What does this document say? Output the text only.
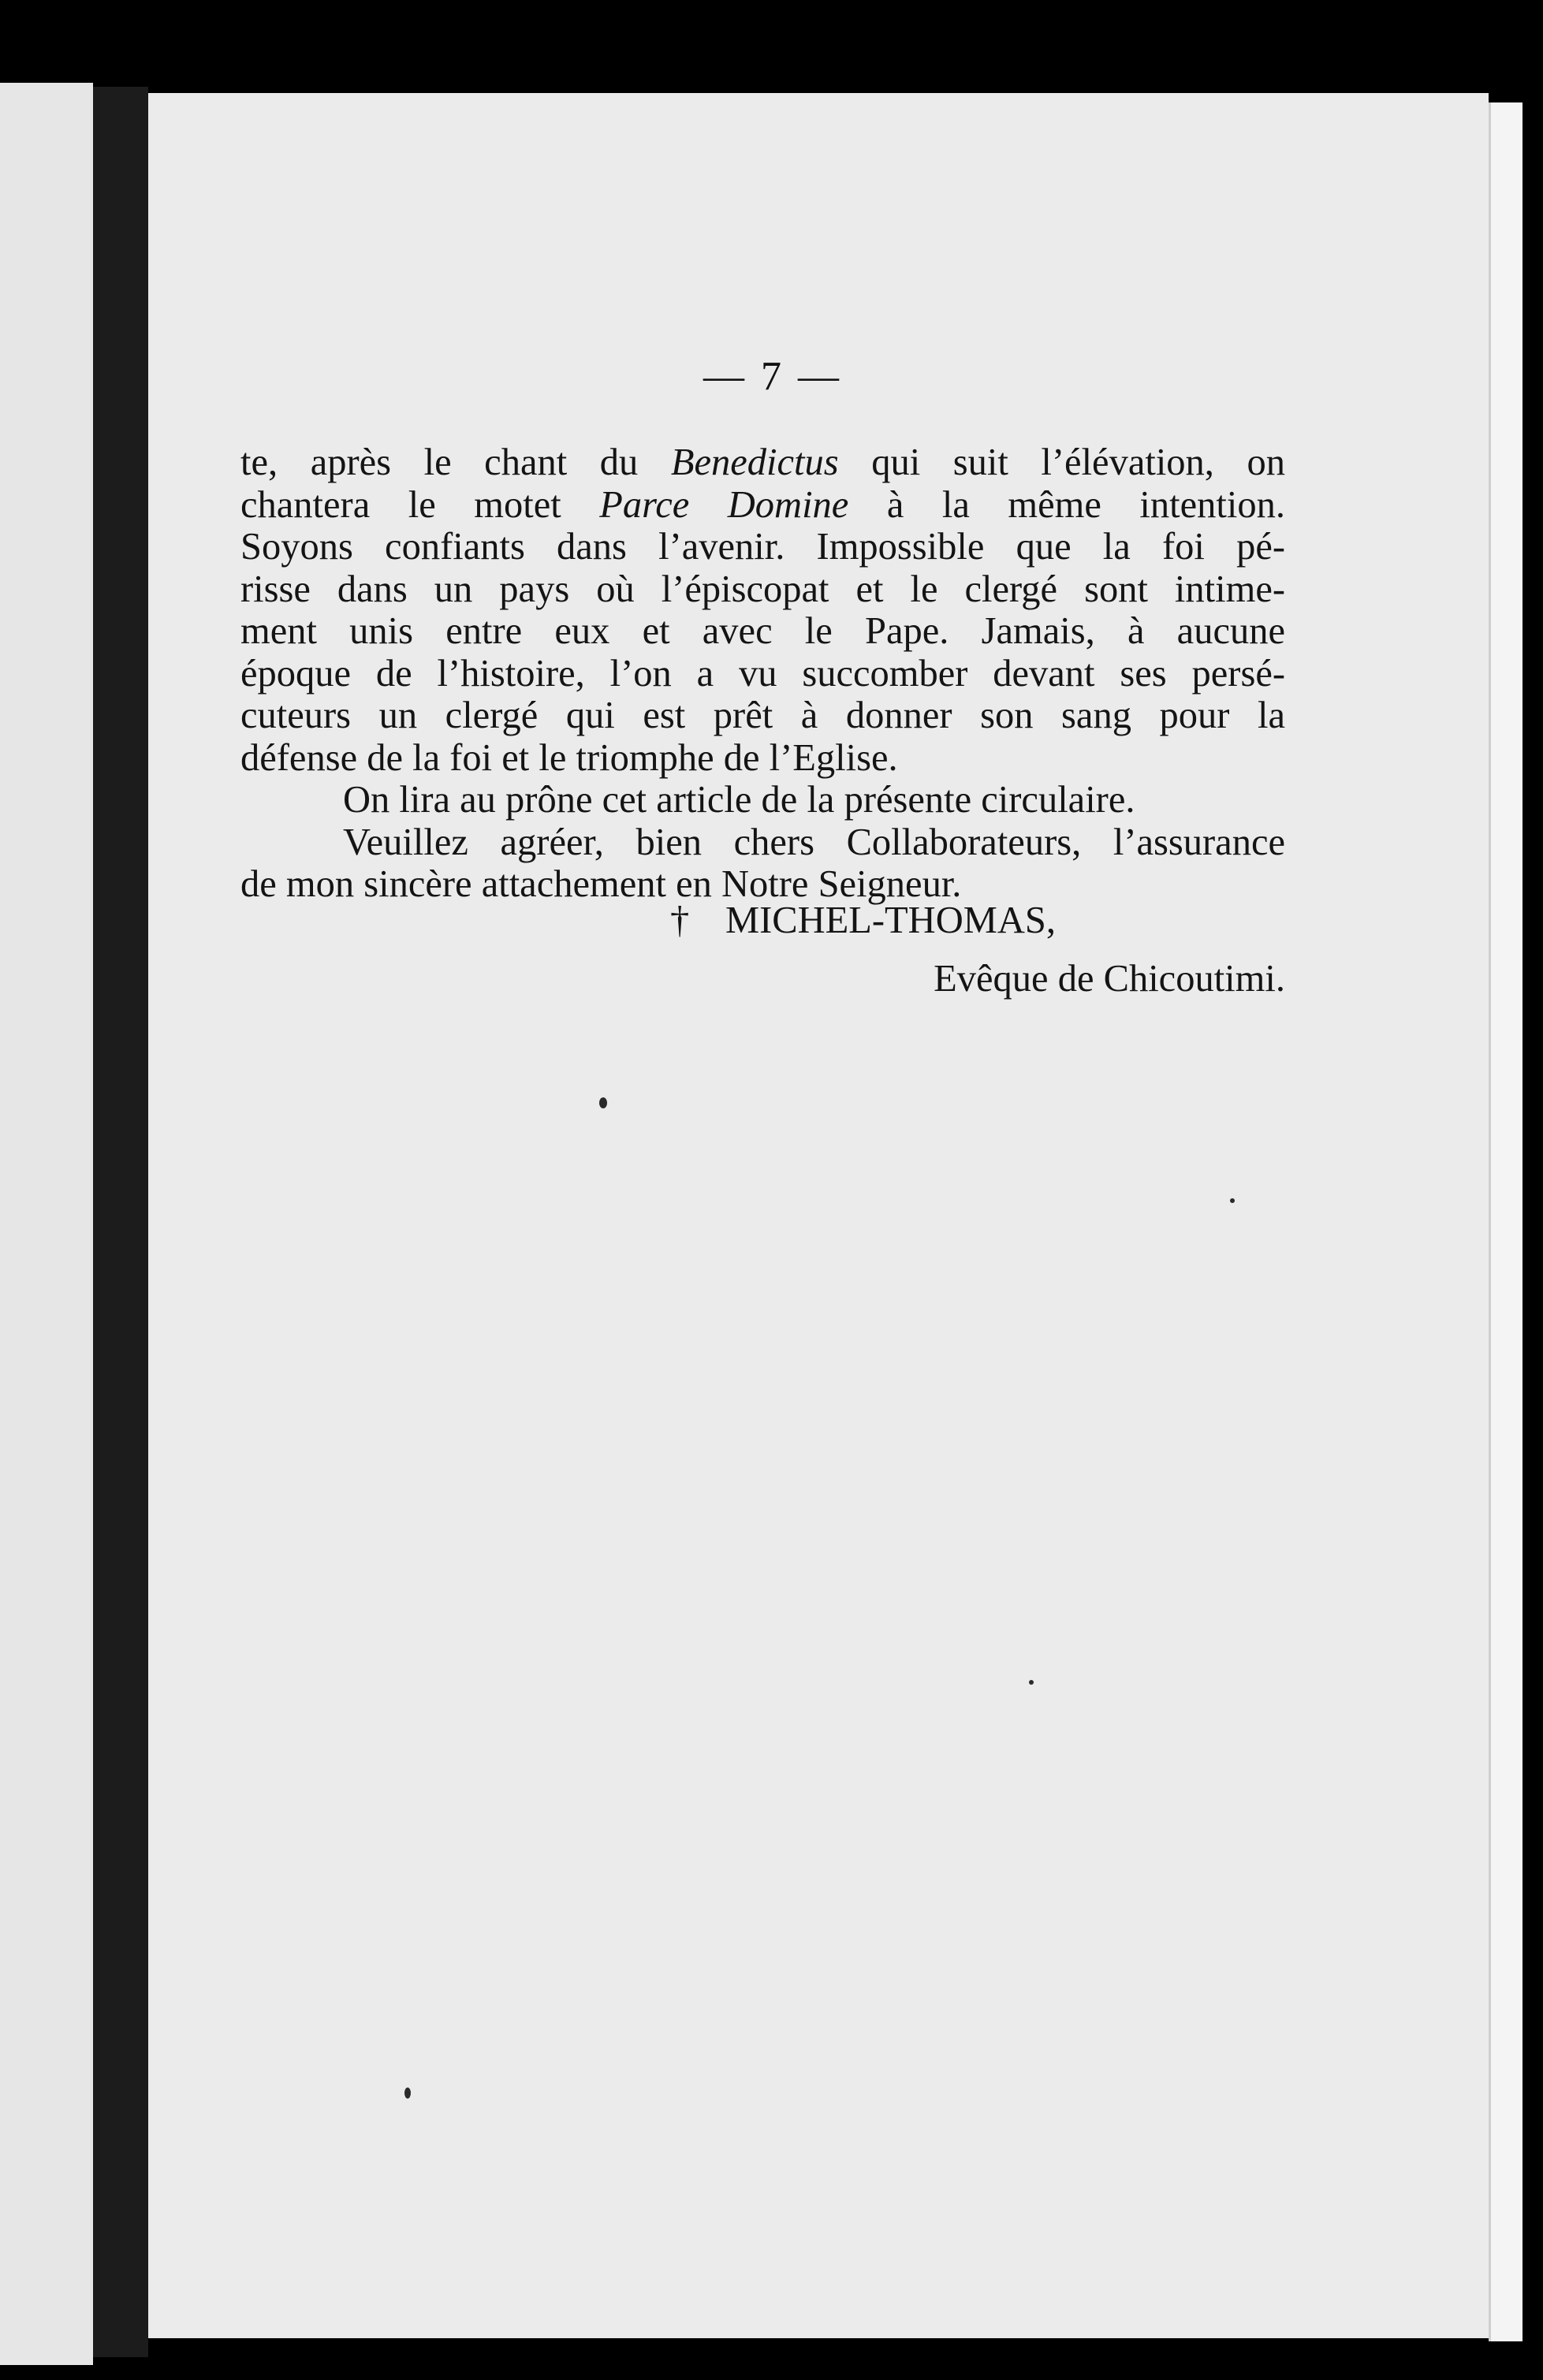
— 7 —
te, après le chant du Benedictus qui suit l’élévation, on
chantera le motet Parce Domine à la même intention.
Soyons confiants dans l’avenir. Impossible que la foi pé-
risse dans un pays où l’épiscopat et le clergé sont intime-
ment unis entre eux et avec le Pape. Jamais, à aucune
époque de l’histoire, l’on a vu succomber devant ses persé-
cuteurs un clergé qui est prêt à donner son sang pour la
défense de la foi et le triomphe de l’Eglise.
On lira au prône cet article de la présente circulaire.
Veuillez agréer, bien chers Collaborateurs, l’assurance
de mon sincère attachement en Notre Seigneur.
† MICHEL-THOMAS,
Evêque de Chicoutimi.
